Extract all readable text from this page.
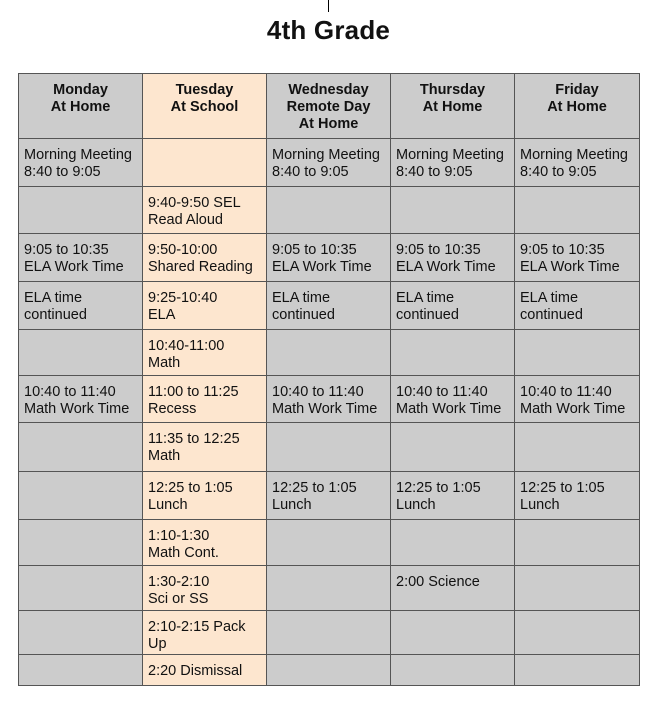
4th Grade
Monday
At Home	Tuesday
At School	Wednesday
Remote Day
At Home	Thursday
At Home	Friday
At Home

Morning Meeting
8:40 to 9:05		Morning Meeting
8:40 to 9:05	Morning Meeting
8:40 to 9:05	Morning Meeting
8:40 to 9:05

	9:40-9:50 SEL
Read Aloud			

9:05 to 10:35
ELA Work Time	9:50-10:00
Shared Reading	9:05 to 10:35
ELA Work Time	9:05 to 10:35
ELA Work Time	9:05 to 10:35
ELA Work Time

ELA time
continued	9:25-10:40
ELA	ELA time
continued	ELA time
continued	ELA time
continued

	10:40-11:00
Math			

10:40 to 11:40
Math Work Time	11:00 to 11:25
Recess	10:40 to 11:40
Math Work Time	10:40 to 11:40
Math Work Time	10:40 to 11:40
Math Work Time

	11:35 to 12:25
Math			

	12:25 to 1:05
Lunch	12:25 to 1:05
Lunch	12:25 to 1:05
Lunch	12:25 to 1:05
Lunch

	1:10-1:30
Math Cont.			

	1:30-2:10
Sci or SS		2:00 Science	

	2:10-2:15 Pack
Up			

	2:20 Dismissal			
